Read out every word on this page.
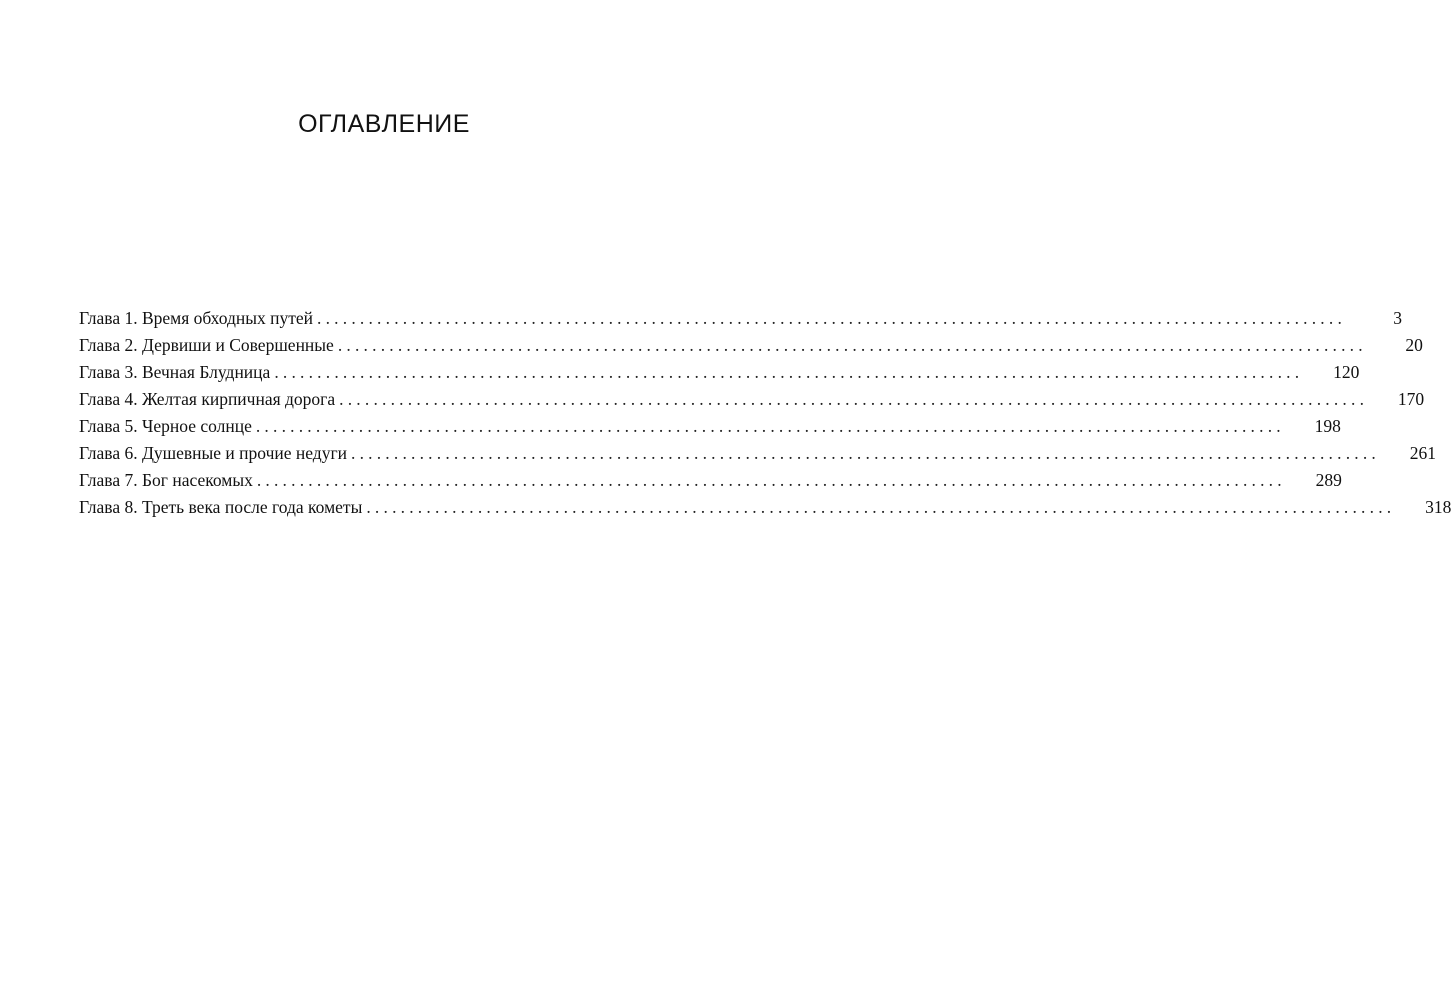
ОГЛАВЛЕНИЕ
Глава 1. Время обходных путей ........................................................................................................................	3
Глава 2. Дервиши и Совершенные ........................................................................................................................	20
Глава 3. Вечная Блудница ........................................................................................................................	120
Глава 4. Желтая кирпичная дорога ........................................................................................................................	170
Глава 5. Черное солнце ........................................................................................................................	198
Глава 6. Душевные и прочие недуги ........................................................................................................................	261
Глава 7. Бог насекомых ........................................................................................................................	289
Глава 8. Треть века после года кометы ........................................................................................................................	318
